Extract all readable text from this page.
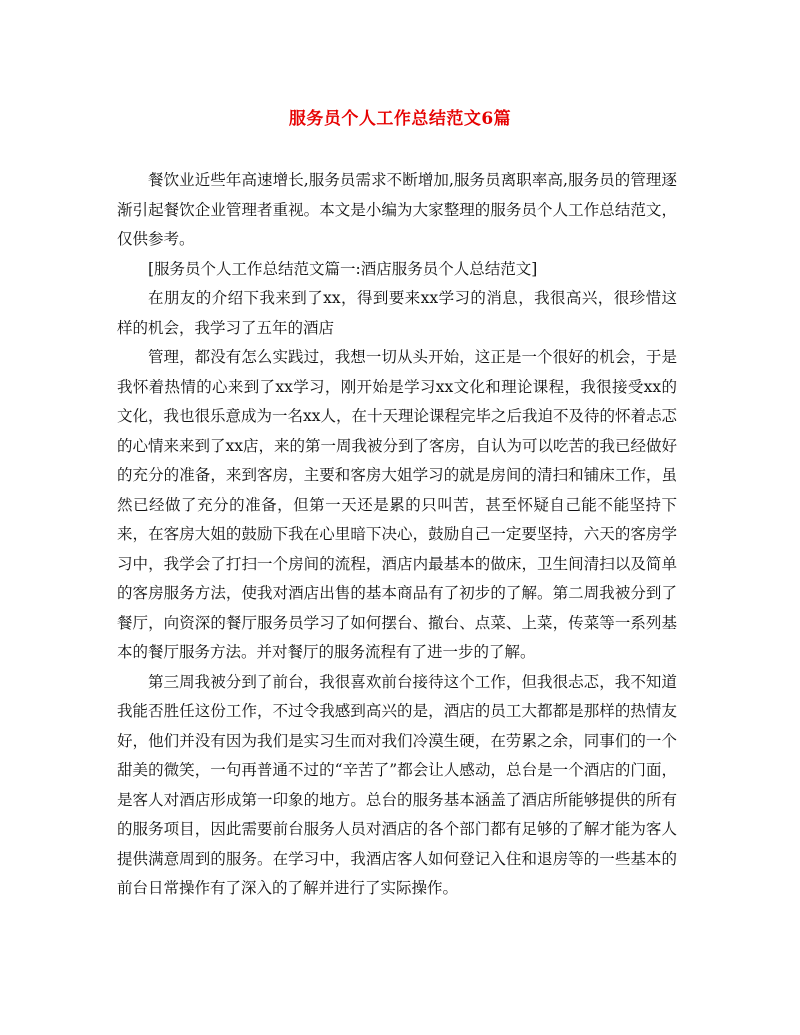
服务员个人工作总结范文6篇

餐饮业近些年高速增长,服务员需求不断增加,服务员离职率高,服务员的管理逐渐引起餐饮企业管理者重视。本文是小编为大家整理的服务员个人工作总结范文，仅供参考。

[服务员个人工作总结范文篇一:酒店服务员个人总结范文]

在朋友的介绍下我来到了xx，得到要来xx学习的消息，我很高兴，很珍惜这样的机会，我学习了五年的酒店

管理，都没有怎么实践过，我想一切从头开始，这正是一个很好的机会，于是我怀着热情的心来到了xx学习，刚开始是学习xx文化和理论课程，我很接受xx的文化，我也很乐意成为一名xx人，在十天理论课程完毕之后我迫不及待的怀着忐忑的心情来来到了xx店，来的第一周我被分到了客房，自认为可以吃苦的我已经做好的充分的准备，来到客房，主要和客房大姐学习的就是房间的清扫和铺床工作，虽然已经做了充分的准备，但第一天还是累的只叫苦，甚至怀疑自己能不能坚持下来，在客房大姐的鼓励下我在心里暗下决心，鼓励自己一定要坚持，六天的客房学习中，我学会了打扫一个房间的流程，酒店内最基本的做床，卫生间清扫以及简单的客房服务方法，使我对酒店出售的基本商品有了初步的了解。第二周我被分到了餐厅，向资深的餐厅服务员学习了如何摆台、撤台、点菜、上菜，传菜等一系列基本的餐厅服务方法。并对餐厅的服务流程有了进一步的了解。

第三周我被分到了前台，我很喜欢前台接待这个工作，但我很忐忑，我不知道我能否胜任这份工作，不过令我感到高兴的是，酒店的员工大都都是那样的热情友好，他们并没有因为我们是实习生而对我们冷漠生硬，在劳累之余，同事们的一个甜美的微笑，一句再普通不过的“辛苦了”都会让人感动，总台是一个酒店的门面，是客人对酒店形成第一印象的地方。总台的服务基本涵盖了酒店所能够提供的所有的服务项目，因此需要前台服务人员对酒店的各个部门都有足够的了解才能为客人提供满意周到的服务。在学习中，我酒店客人如何登记入住和退房等的一些基本的前台日常操作有了深入的了解并进行了实际操作。
